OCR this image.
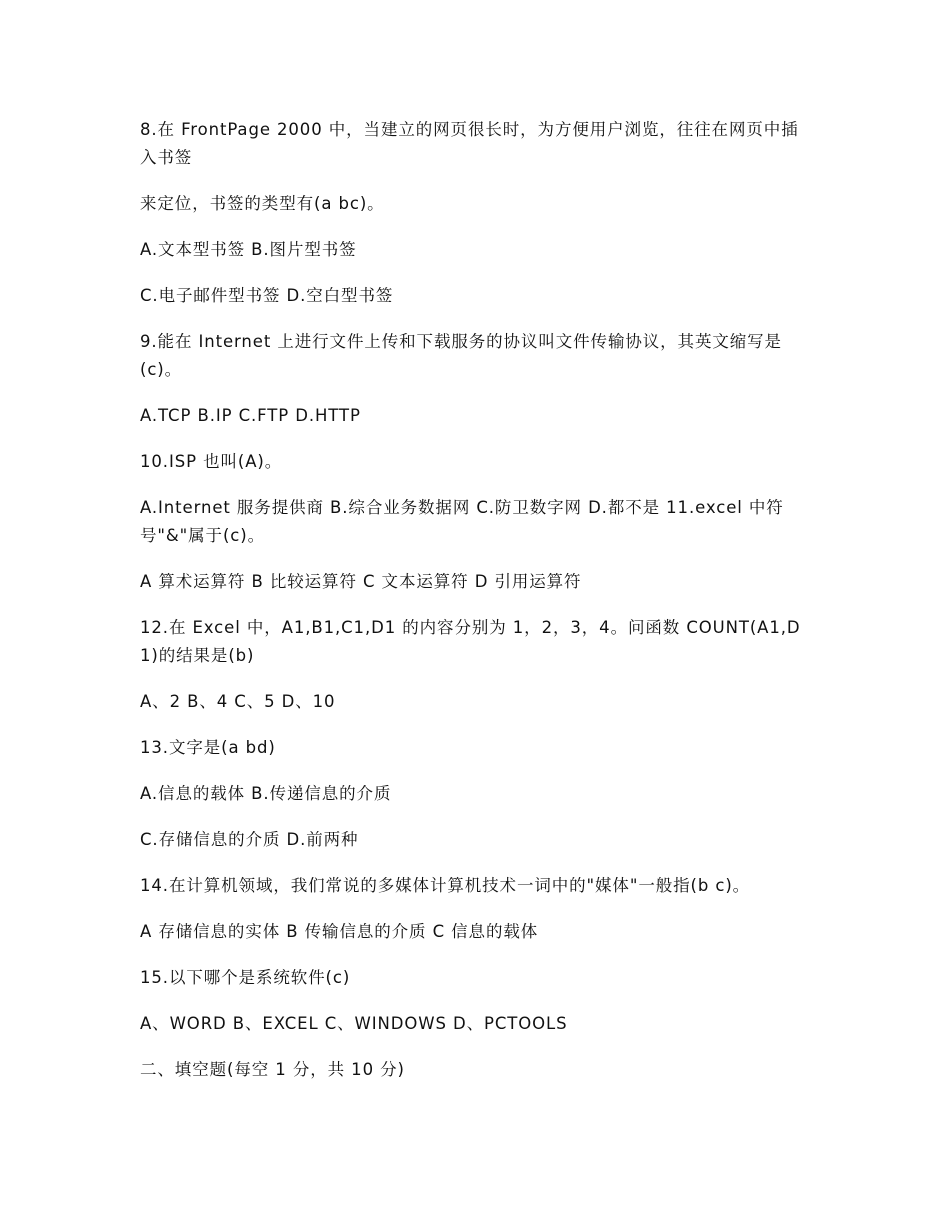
8.在 FrontPage 2000 中，当建立的网页很长时，为方便用户浏览，往往在网页中插入书签

来定位，书签的类型有(a bc)。

A.文本型书签 B.图片型书签

C.电子邮件型书签 D.空白型书签

9.能在 Internet 上进行文件上传和下载服务的协议叫文件传输协议，其英文缩写是(c)。

A.TCP B.IP C.FTP D.HTTP

10.ISP 也叫(A)。

A.Internet 服务提供商 B.综合业务数据网 C.防卫数字网 D.都不是 11.excel 中符号"&"属于(c)。

A 算术运算符 B 比较运算符 C 文本运算符 D 引用运算符

12.在 Excel 中，A1,B1,C1,D1 的内容分别为 1，2，3，4。问函数 COUNT(A1,D1)的结果是(b)

A、2 B、4 C、5 D、10

13.文字是(a bd)

A.信息的载体 B.传递信息的介质

C.存储信息的介质 D.前两种

14.在计算机领域，我们常说的多媒体计算机技术一词中的"媒体"一般指(b c)。

A 存储信息的实体 B 传输信息的介质 C 信息的载体

15.以下哪个是系统软件(c)

A、WORD B、EXCEL C、WINDOWS D、PCTOOLS

二、填空题(每空 1 分，共 10 分)
